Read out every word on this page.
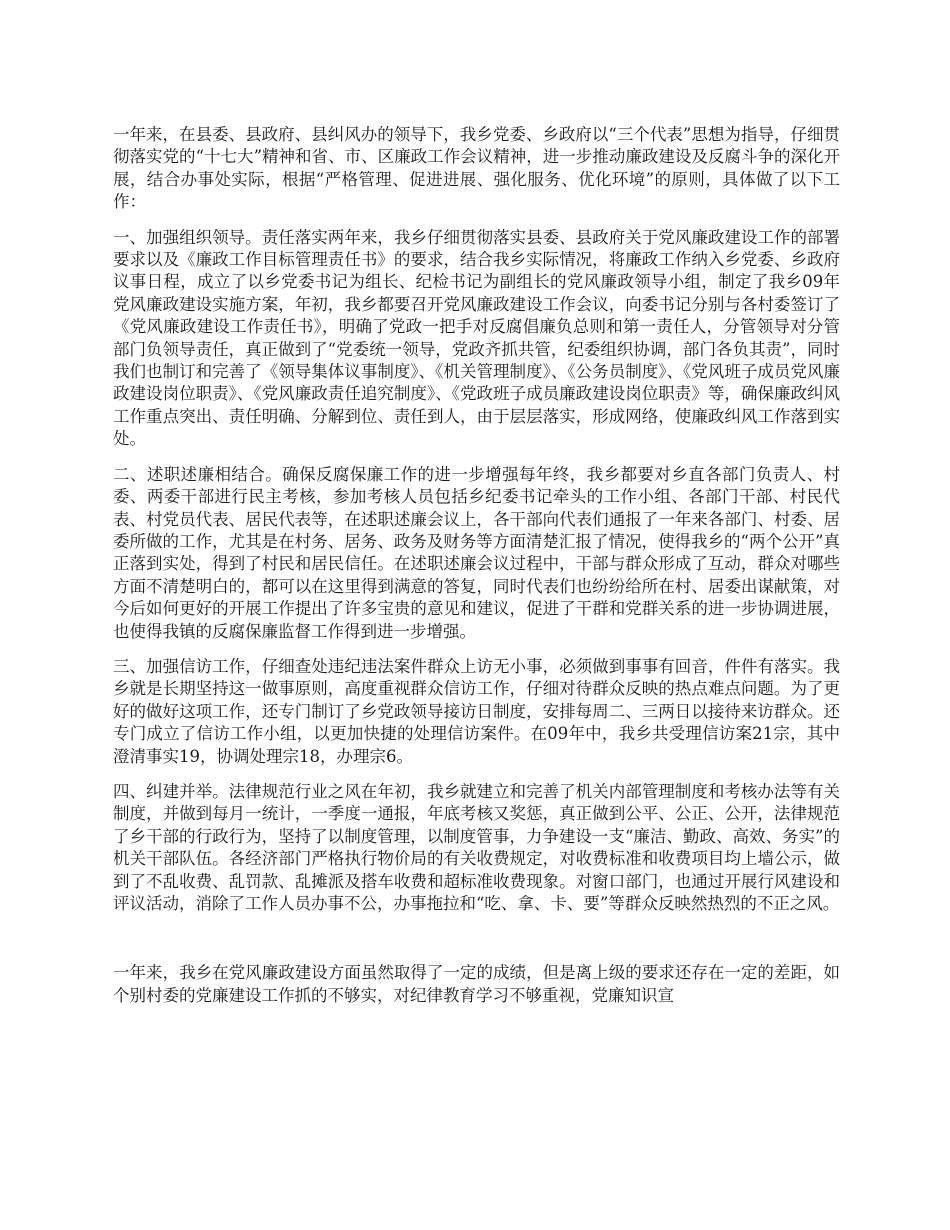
一年来，在县委、县政府、县纠风办的领导下，我乡党委、乡政府以“三个代表”思想为指导，仔细贯彻落实党的“十七大”精神和省、市、区廉政工作会议精神，进一步推动廉政建设及反腐斗争的深化开展，结合办事处实际，根据“严格管理、促进进展、强化服务、优化环境”的原则，具体做了以下工作：

一、加强组织领导。责任落实两年来，我乡仔细贯彻落实县委、县政府关于党风廉政建设工作的部署要求以及《廉政工作目标管理责任书》的要求，结合我乡实际情况，将廉政工作纳入乡党委、乡政府议事日程，成立了以乡党委书记为组长、纪检书记为副组长的党风廉政领导小组，制定了我乡09年党风廉政建设实施方案，年初，我乡都要召开党风廉政建设工作会议，向委书记分别与各村委签订了《党风廉政建设工作责任书》，明确了党政一把手对反腐倡廉负总则和第一责任人，分管领导对分管部门负领导责任，真正做到了“党委统一领导，党政齐抓共管，纪委组织协调，部门各负其责”，同时我们也制订和完善了《领导集体议事制度》、《机关管理制度》、《公务员制度》、《党风班子成员党风廉政建设岗位职责》、《党风廉政责任追究制度》、《党政班子成员廉政建设岗位职责》等，确保廉政纠风工作重点突出、责任明确、分解到位、责任到人，由于层层落实，形成网络，使廉政纠风工作落到实处。

二、述职述廉相结合。确保反腐保廉工作的进一步增强每年终，我乡都要对乡直各部门负责人、村委、两委干部进行民主考核，参加考核人员包括乡纪委书记牵头的工作小组、各部门干部、村民代表、村党员代表、居民代表等，在述职述廉会议上，各干部向代表们通报了一年来各部门、村委、居委所做的工作，尤其是在村务、居务、政务及财务等方面清楚汇报了情况，使得我乡的“两个公开”真正落到实处，得到了村民和居民信任。在述职述廉会议过程中，干部与群众形成了互动，群众对哪些方面不清楚明白的，都可以在这里得到满意的答复，同时代表们也纷纷给所在村、居委出谋献策，对今后如何更好的开展工作提出了许多宝贵的意见和建议，促进了干群和党群关系的进一步协调进展，也使得我镇的反腐保廉监督工作得到进一步增强。

三、加强信访工作，仔细查处违纪违法案件群众上访无小事，必须做到事事有回音，件件有落实。我乡就是长期坚持这一做事原则，高度重视群众信访工作，仔细对待群众反映的热点难点问题。为了更好的做好这项工作，还专门制订了乡党政领导接访日制度，安排每周二、三两日以接待来访群众。还专门成立了信访工作小组，以更加快捷的处理信访案件。在09年中，我乡共受理信访案21宗，其中澄清事实19，协调处理宗18，办理宗6。

四、纠建并举。法律规范行业之风在年初，我乡就建立和完善了机关内部管理制度和考核办法等有关制度，并做到每月一统计，一季度一通报，年底考核又奖惩，真正做到公平、公正、公开，法律规范了乡干部的行政行为，坚持了以制度管理，以制度管事，力争建设一支“廉洁、勤政、高效、务实”的机关干部队伍。各经济部门严格执行物价局的有关收费规定，对收费标准和收费项目均上墙公示，做到了不乱收费、乱罚款、乱摊派及搭车收费和超标准收费现象。对窗口部门，也通过开展行风建设和评议活动，消除了工作人员办事不公，办事拖拉和“吃、拿、卡、要”等群众反映然热烈的不正之风。

一年来，我乡在党风廉政建设方面虽然取得了一定的成绩，但是离上级的要求还存在一定的差距，如个别村委的党廉建设工作抓的不够实，对纪律教育学习不够重视，党廉知识宣
